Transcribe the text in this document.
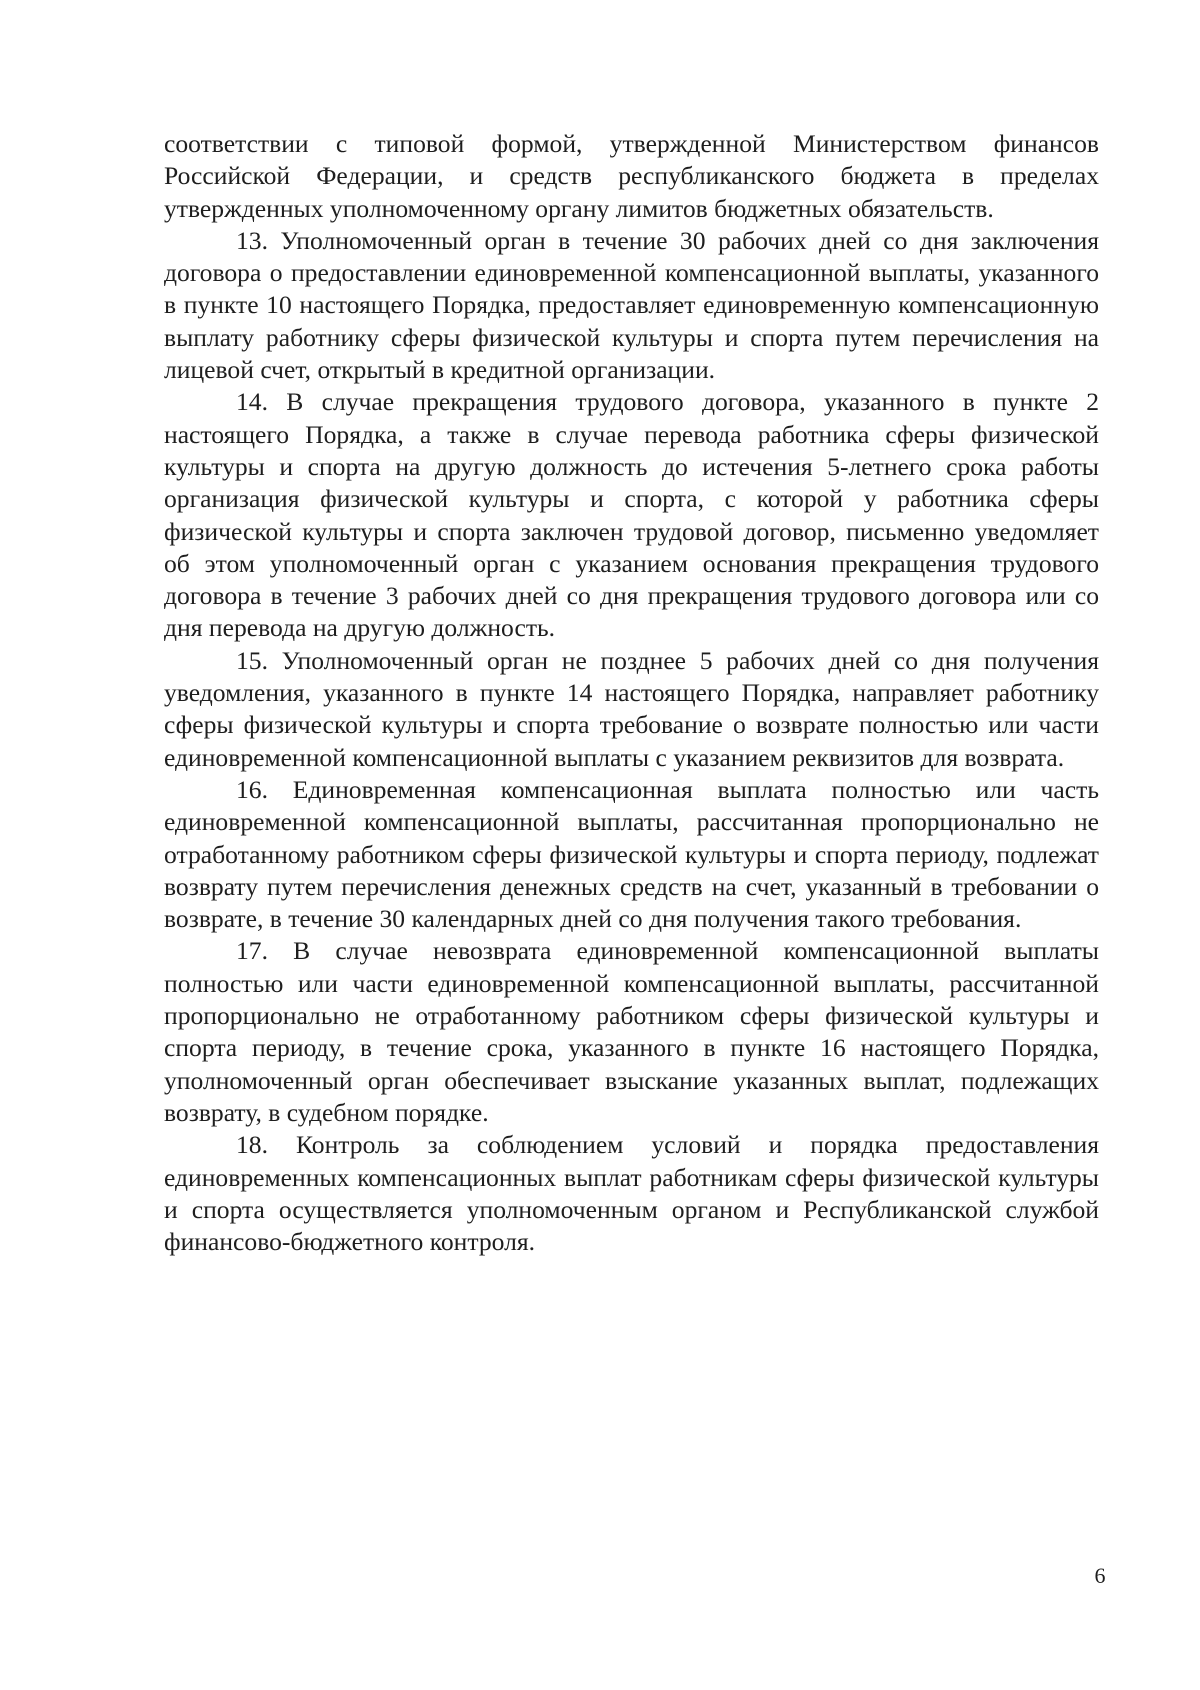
соответствии с типовой формой, утвержденной Министерством финансов Российской Федерации, и средств республиканского бюджета в пределах утвержденных уполномоченному органу лимитов бюджетных обязательств.

13. Уполномоченный орган в течение 30 рабочих дней со дня заключения договора о предоставлении единовременной компенсационной выплаты, указанного в пункте 10 настоящего Порядка, предоставляет единовременную компенсационную выплату работнику сферы физической культуры и спорта путем перечисления на лицевой счет, открытый в кредитной организации.

14. В случае прекращения трудового договора, указанного в пункте 2 настоящего Порядка, а также в случае перевода работника сферы физической культуры и спорта на другую должность до истечения 5-летнего срока работы организация физической культуры и спорта, с которой у работника сферы физической культуры и спорта заключен трудовой договор, письменно уведомляет об этом уполномоченный орган с указанием основания прекращения трудового договора в течение 3 рабочих дней со дня прекращения трудового договора или со дня перевода на другую должность.

15. Уполномоченный орган не позднее 5 рабочих дней со дня получения уведомления, указанного в пункте 14 настоящего Порядка, направляет работнику сферы физической культуры и спорта требование о возврате полностью или части единовременной компенсационной выплаты с указанием реквизитов для возврата.

16. Единовременная компенсационная выплата полностью или часть единовременной компенсационной выплаты, рассчитанная пропорционально не отработанному работником сферы физической культуры и спорта периоду, подлежат возврату путем перечисления денежных средств на счет, указанный в требовании о возврате, в течение 30 календарных дней со дня получения такого требования.

17. В случае невозврата единовременной компенсационной выплаты полностью или части единовременной компенсационной выплаты, рассчитанной пропорционально не отработанному работником сферы физической культуры и спорта периоду, в течение срока, указанного в пункте 16 настоящего Порядка, уполномоченный орган обеспечивает взыскание указанных выплат, подлежащих возврату, в судебном порядке.

18. Контроль за соблюдением условий и порядка предоставления единовременных компенсационных выплат работникам сферы физической культуры и спорта осуществляется уполномоченным органом и Республиканской службой финансово-бюджетного контроля.

6
